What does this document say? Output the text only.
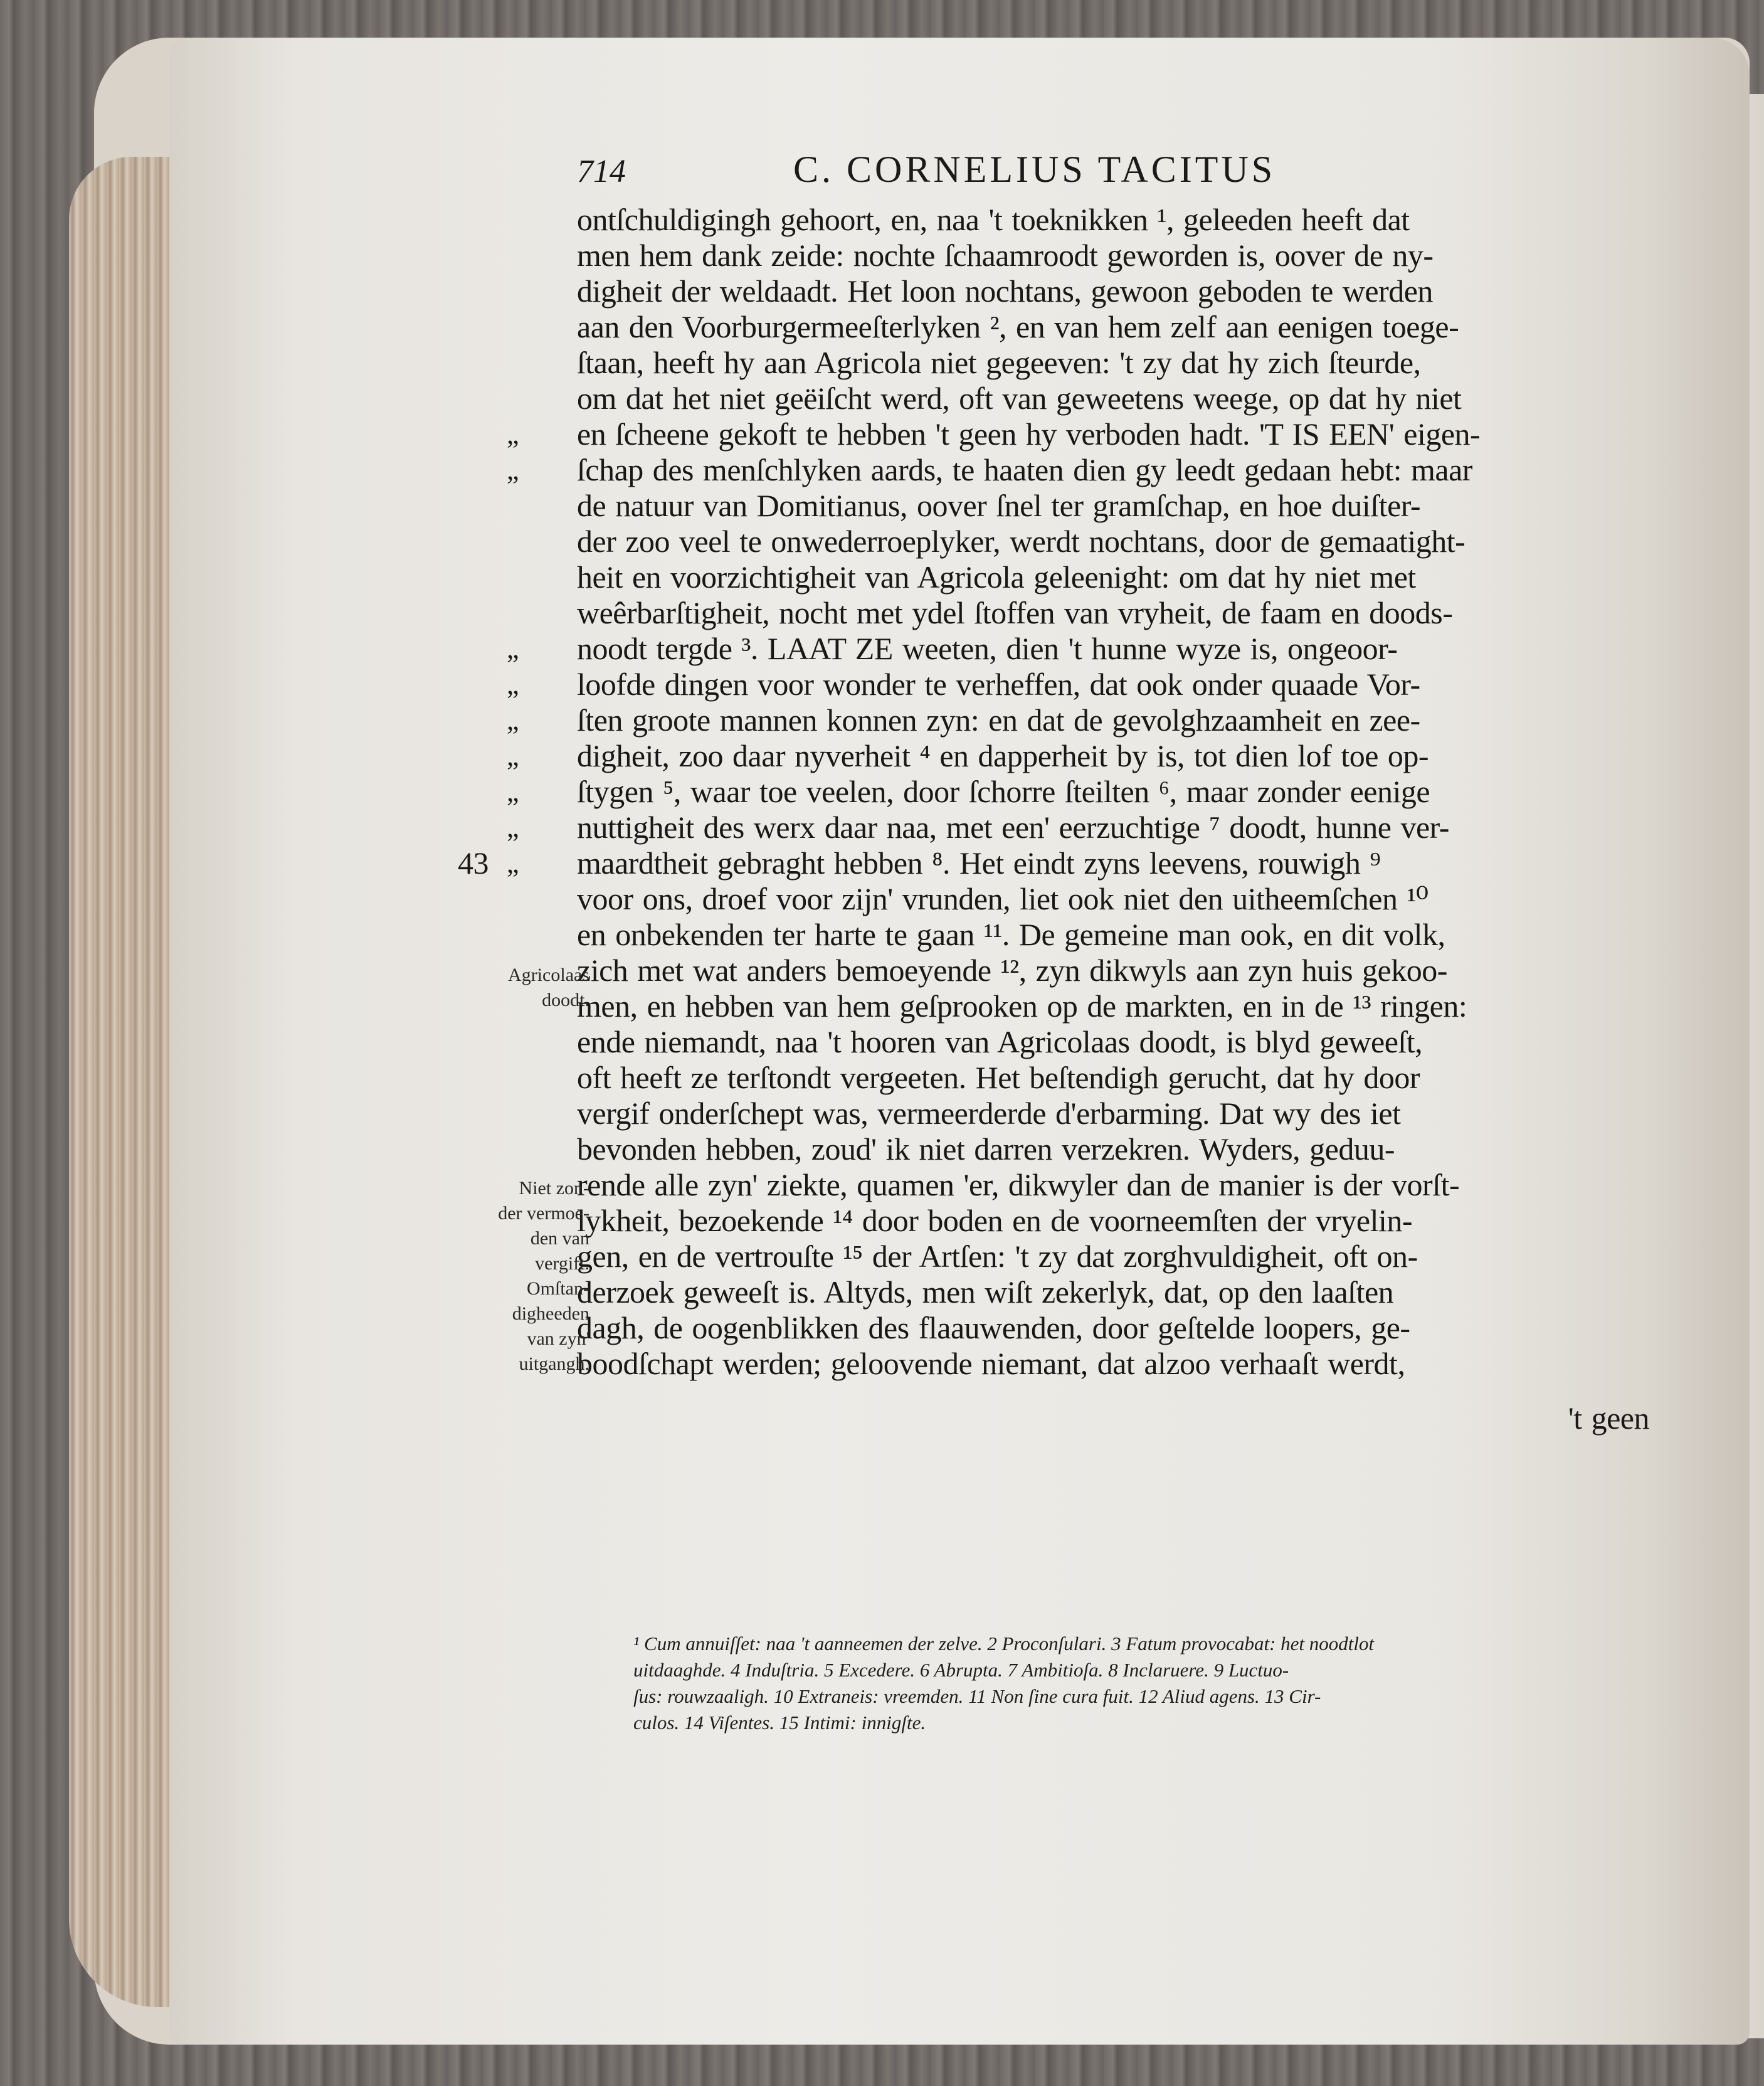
714	C. CORNELIUS TACITUS
ontſchuldigingh gehoort, en, naa 't toeknikken ¹, geleeden heeft dat
men hem dank zeide: nochte ſchaamroodt geworden is, oover de ny-
digheit der weldaadt. Het loon nochtans, gewoon geboden te werden
aan den Voorburgermeeſterlyken ², en van hem zelf aan eenigen toege-
ſtaan, heeft hy aan Agricola niet gegeeven: 't zy dat hy zich ſteurde,
om dat het niet geëiſcht werd, oft van geweetens weege, op dat hy niet
„ en ſcheene gekoft te hebben 't geen hy verboden hadt. 'T IS EEN' eigen-
„ ſchap des menſchlyken aards, te haaten dien gy leedt gedaan hebt: maar
de natuur van Domitianus, oover ſnel ter gramſchap, en hoe duiſter-
der zoo veel te onwederroeplyker, werdt nochtans, door de gemaatight-
heit en voorzichtigheit van Agricola geleenight: om dat hy niet met
weêrbarſtigheit, nocht met ydel ſtoffen van vryheit, de faam en doods-
„ noodt tergde ³. LAAT ZE weeten, dien 't hunne wyze is, ongeoor-
„ loofde dingen voor wonder te verheffen, dat ook onder quaade Vor-
„ ſten groote mannen konnen zyn: en dat de gevolghzaamheit en zee-
„ digheit, zoo daar nyverheit ⁴ en dapperheit by is, tot dien lof toe op-
„ ſtygen ⁵, waar toe veelen, door ſchorre ſteilten ⁶, maar zonder eenige
„ nuttigheit des werx daar naa, met een' eerzuchtige ⁷ doodt, hunne ver-
43 „ maardtheit gebraght hebben ⁸. Het eindt zyns leevens, rouwigh ⁹
voor ons, droef voor zijn' vrunden, liet ook niet den uitheemſchen ¹⁰
en onbekenden ter harte te gaan ¹¹. De gemeine man ook, en dit volk,
zich met wat anders bemoeyende ¹², zyn dikwyls aan zyn huis gekoo-
men, en hebben van hem geſprooken op de markten, en in de ¹³ ringen:
ende niemandt, naa 't hooren van Agricolaas doodt, is blyd geweeſt,
oft heeft ze terſtondt vergeeten. Het beſtendigh gerucht, dat hy door
vergif onderſchept was, vermeerderde d'erbarming. Dat wy des iet
bevonden hebben, zoud' ik niet darren verzekren. Wyders, geduu-
rende alle zyn' ziekte, quamen 'er, dikwyler dan de manier is der vorſt-
lykheit, bezoekende ¹⁴ door boden en de voorneemſten der vryelin-
gen, en de vertrouſte ¹⁵ der Artſen: 't zy dat zorghvuldigheit, oft on-
derzoek geweeſt is. Altyds, men wiſt zekerlyk, dat, op den laaſten
dagh, de oogenblikken des flaauwenden, door geſtelde loopers, ge-
boodſchapt werden; geloovende niemant, dat alzoo verhaaſt werdt,
't geen
Agricolaas
doodt.
Niet zon-
der vermoe-
den van
vergift.
Omſtan-
digheeden
van zyn'
uitgangh.
¹ Cum annuiſſet: naa 't aanneemen der zelve. 2 Proconſulari. 3 Fatum provocabat: het noodtlot
uitdaaghde. 4 Induſtria. 5 Excedere. 6 Abrupta. 7 Ambitioſa. 8 Inclaruere. 9 Luctuo-
ſus: rouwzaaligh. 10 Extraneis: vreemden. 11 Non ſine cura fuit. 12 Aliud agens. 13 Cir-
culos. 14 Viſentes. 15 Intimi: innigſte.
